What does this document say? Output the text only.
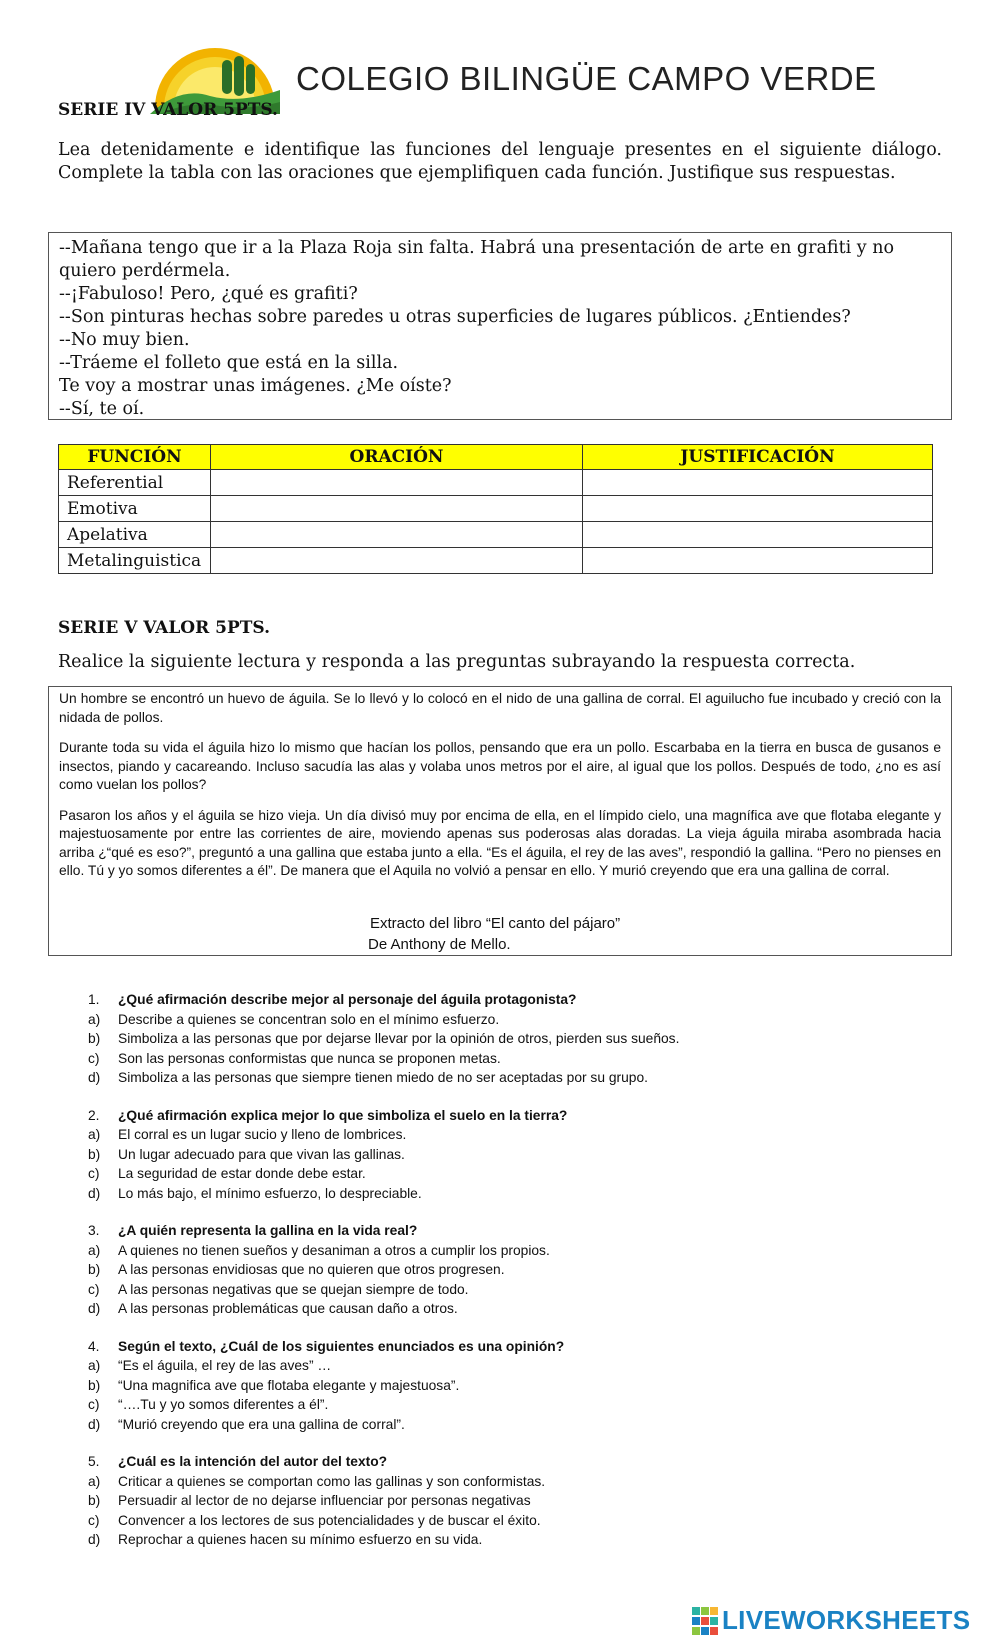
COLEGIO BILINGÜE CAMPO VERDE
SERIE IV VALOR 5PTS.
Lea detenidamente e identifique las funciones del lenguaje presentes en el siguiente diálogo. Complete la tabla con las oraciones que ejemplifiquen cada función. Justifique sus respuestas.
--Mañana tengo que ir a la Plaza Roja sin falta. Habrá una presentación de arte en grafiti y no quiero perdérmela.
--¡Fabuloso! Pero, ¿qué es grafiti?
--Son pinturas hechas sobre paredes u otras superficies de lugares públicos. ¿Entiendes?
--No muy bien.
--Tráeme el folleto que está en la silla.
Te voy a mostrar unas imágenes. ¿Me oíste?
--Sí, te oí.
FUNCIÓN	ORACIÓN	JUSTIFICACIÓN
Referential		
Emotiva		
Apelativa		
Metalinguistica		
SERIE V VALOR 5PTS.
Realice la siguiente lectura y responda a las preguntas subrayando la respuesta correcta.

Un hombre se encontró un huevo de águila. Se lo llevó y lo colocó en el nido de una gallina de corral. El aguilucho fue incubado y creció con la nidada de pollos.

Durante toda su vida el águila hizo lo mismo que hacían los pollos, pensando que era un pollo. Escarbaba en la tierra en busca de gusanos e insectos, piando y cacareando. Incluso sacudía las alas y volaba unos metros por el aire, al igual que los pollos. Después de todo, ¿no es así como vuelan los pollos?

Pasaron los años y el águila se hizo vieja. Un día divisó muy por encima de ella, en el límpido cielo, una magnífica ave que flotaba elegante y majestuosamente por entre las corrientes de aire, moviendo apenas sus poderosas alas doradas. La vieja águila miraba asombrada hacia arriba ¿“qué es eso?”, preguntó a una gallina que estaba junto a ella. “Es el águila, el rey de las aves”, respondió la gallina. “Pero no pienses en ello. Tú y yo somos diferentes a él”. De manera que el Aquila no volvió a pensar en ello. Y murió creyendo que era una gallina de corral.

Extracto del libro “El canto del pájaro”
De Anthony de Mello.
1.	¿Qué afirmación describe mejor al personaje del águila protagonista?
a)	Describe a quienes se concentran solo en el mínimo esfuerzo.
b)	Simboliza a las personas que por dejarse llevar por la opinión de otros, pierden sus sueños.
c)	Son las personas conformistas que nunca se proponen metas.
d)	Simboliza a las personas que siempre tienen miedo de no ser aceptadas por su grupo.
2.	¿Qué afirmación explica mejor lo que simboliza el suelo en la tierra?
a)	El corral es un lugar sucio y lleno de lombrices.
b)	Un lugar adecuado para que vivan las gallinas.
c)	La seguridad de estar donde debe estar.
d)	Lo más bajo, el mínimo esfuerzo, lo despreciable.
3.	¿A quién representa la gallina en la vida real?
a)	A quienes no tienen sueños y desaniman a otros a cumplir los propios.
b)	A las personas envidiosas que no quieren que otros progresen.
c)	A las personas negativas que se quejan siempre de todo.
d)	A las personas problemáticas que causan daño a otros.
4.	Según el texto, ¿Cuál de los siguientes enunciados es una opinión?
a)	“Es el águila, el rey de las aves” …
b)	“Una magnifica ave que flotaba elegante y majestuosa”.
c)	“….Tu y yo somos diferentes a él”.
d)	“Murió creyendo que era una gallina de corral”.
5.	¿Cuál es la intención del autor del texto?
a)	Criticar a quienes se comportan como las gallinas y son conformistas.
b)	Persuadir al lector de no dejarse influenciar por personas negativas
c)	Convencer a los lectores de sus potencialidades y de buscar el éxito.
d)	Reprochar a quienes hacen su mínimo esfuerzo en su vida.
LIVEWORKSHEETS
